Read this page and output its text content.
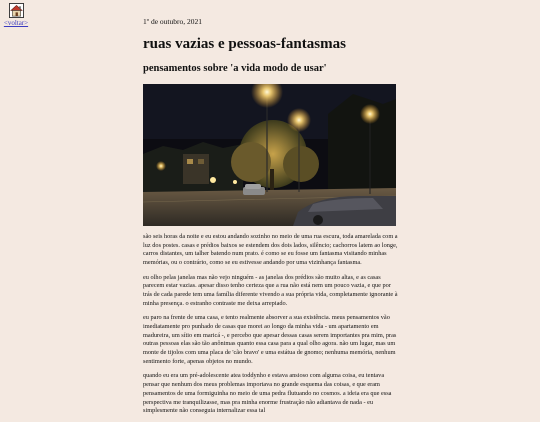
<voltar>	1º de outubro, 2021
ruas vazias e pessoas-fantasmas
pensamentos sobre 'a vida modo de usar'

são seis horas da noite e eu estou andando sozinho no meio de uma rua escura, toda amarelada com a luz dos postes. casas e prédios baixos se estendem dos dois lados, silêncio; cachorros latem ao longe, carros distantes, um talher batendo num prato. é como se eu fosse um fantasma visitando minhas memórias, ou o contrário, como se eu estivesse andando por uma vizinhança fantasma.

eu olho pelas janelas mas não vejo ninguém - as janelas dos prédios são muito altas, e as casas parecem estar vazias. apesar disso tenho certeza que a rua não está nem um pouco vazia, e que por trás de cada parede tem uma família diferente vivendo a sua própria vida, completamente ignorante à minha presença. o estranho contraste me deixa arrepiado.

eu paro na frente de uma casa, e tento realmente absorver a sua existência. meus pensamentos vão imediatamente pro punhado de casas que morei ao longo da minha vida - um apartamento em madureira, um sítio em maricá -, e percebo que apesar dessas casas serem importantes pra mim, pras outras pessoas elas são tão anônimas quanto essa casa para a qual olho agora. não um lugar, mas um monte de tijolos com uma placa de 'cão bravo' e uma estátua de gnomo; nenhuma memória, nenhum sentimento forte, apenas objetos no mundo.

quando eu era um pré-adolescente atea toddynho e estava ansioso com alguma coisa, eu tentava pensar que nenhum dos meus problemas importava no grande esquema das coisas, e que eram pensamentos de uma formiguinha no meio de uma pedra flutuando no cosmos. a ideia era que essa perspectiva me tranquilizasse, mas pra minha enorme frustração não adiantava de nada - eu simplesmente não conseguia internalizar essa tal
